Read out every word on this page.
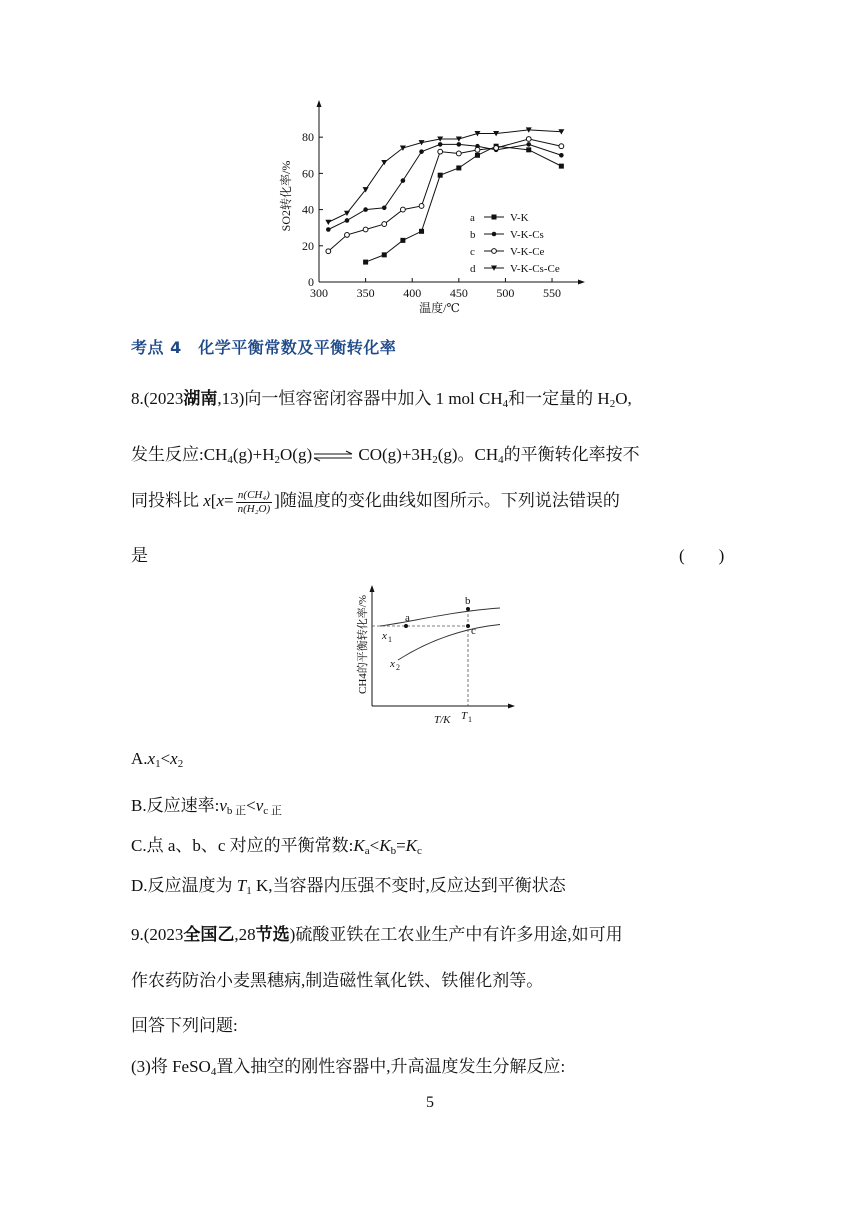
300 350 400 450 500 550
0
20
40
60
80
温度/℃
SO2转化率/%	a	V-K
b	V-K-Cs
c	V-K-Ce
d	V-K-Cs-Ce
考点 4　化学平衡常数及平衡转化率
8.(2023湖南,13)向一恒容密闭容器中加入 1 mol $CH_4$和一定量的 $H_2O$,
发生反应$:CH_4(g)+H_2O(g)\rightleftharpoons$ $CO(g)+3H_2(g)$。$CH_4$的平衡转化率按不
同投料比 $x[x= \frac{\text{n(CH₄)}}{\text{n(H₂O)}}$ ]随温度的变化曲线如图所示。下列说法错误的
是	(　　)
CH4的平衡转化率/%	a
b
c
x 1
x 2
T/K T 1
$A.x_1<x_2$
B.反应速率$:v_{b 正}<v_{c 正}$
C.点 a、b、c 对应的平衡常数$:K_a<K_b=K_c$
D.反应温度为 $T_1$ K,当容器内压强不变时,反应达到平衡状态
9.(2023全国乙,28节选)硫酸亚铁在工农业生产中有许多用途,如可用
作农药防治小麦黑穗病,制造磁性氧化铁、铁催化剂等。
回答下列问题:
(3)将 FeSO$_4$置入抽空的刚性容器中,升高温度发生分解反应:
5
